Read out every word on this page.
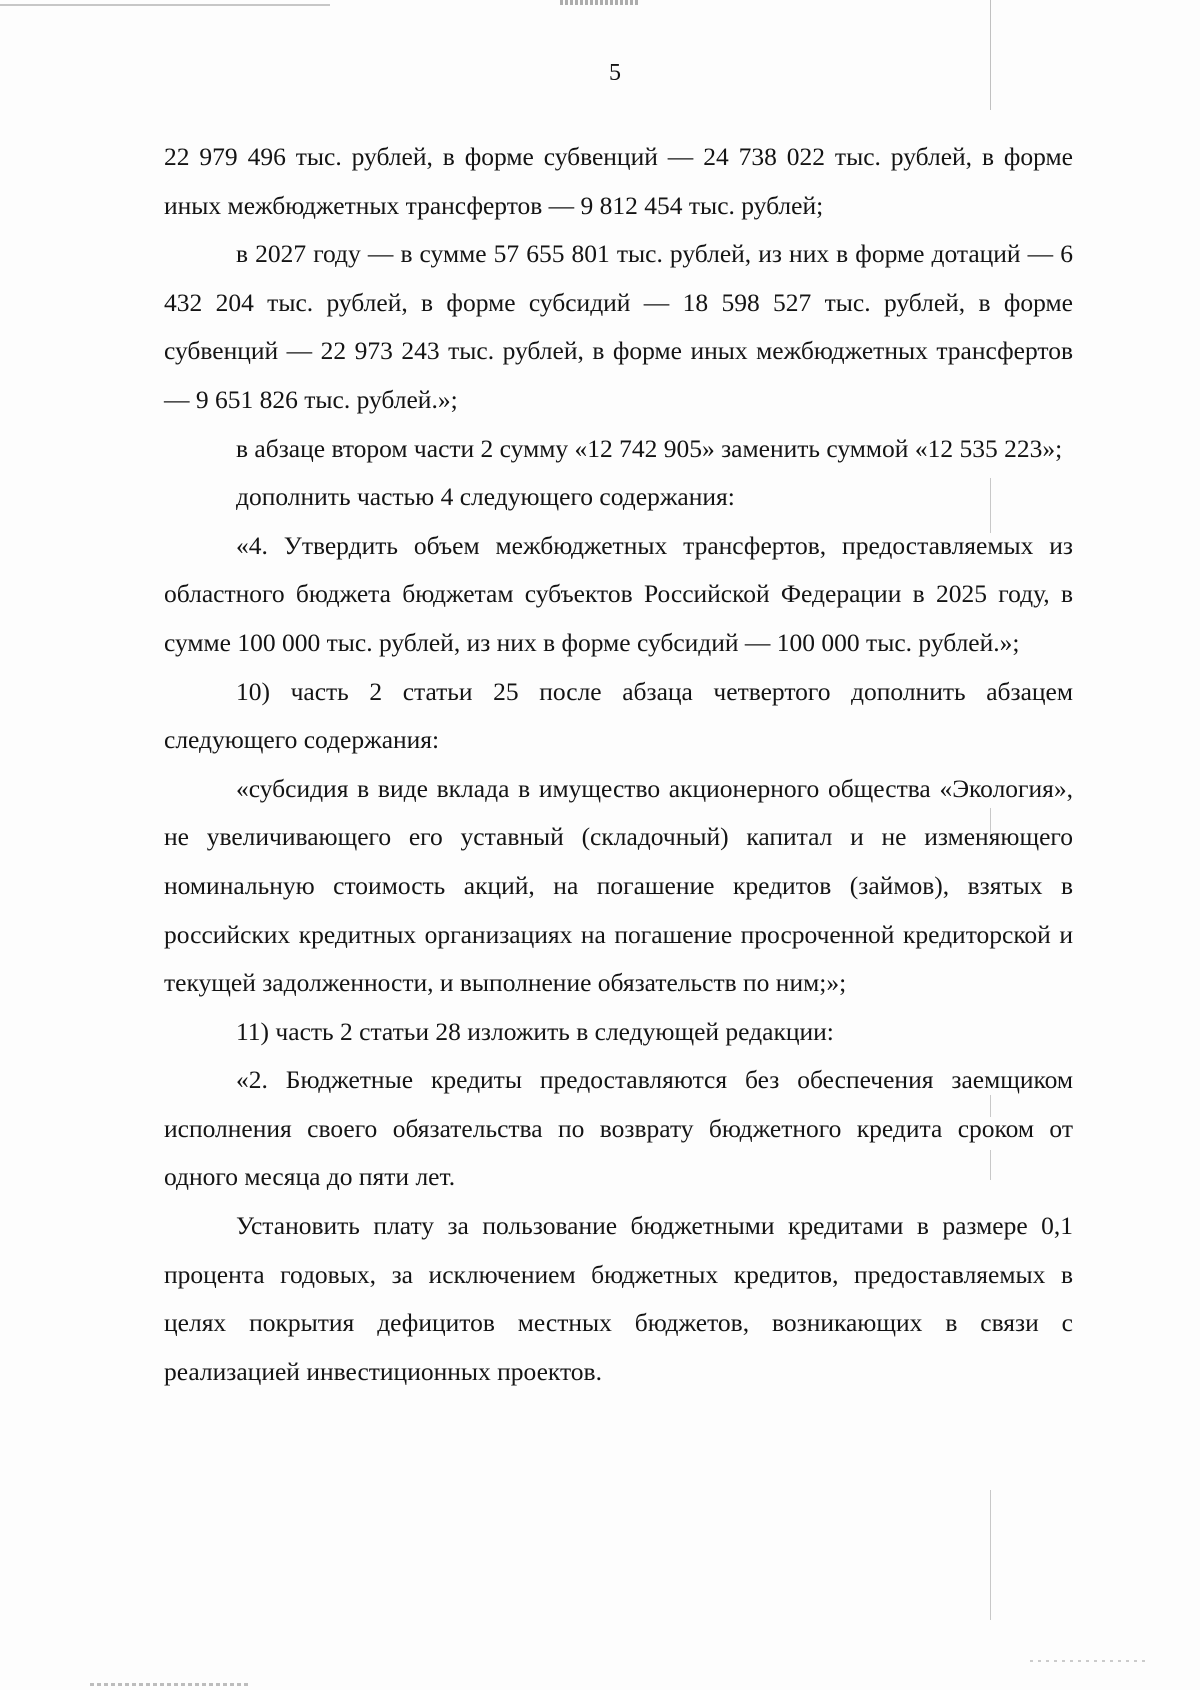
5

22 979 496 тыс. рублей, в форме субвенций — 24 738 022 тыс. рублей, в форме иных межбюджетных трансфертов — 9 812 454 тыс. рублей;

в 2027 году — в сумме 57 655 801 тыс. рублей, из них в форме дотаций — 6 432 204 тыс. рублей, в форме субсидий — 18 598 527 тыс. рублей, в форме субвенций — 22 973 243 тыс. рублей, в форме иных межбюджетных трансфертов — 9 651 826 тыс. рублей.»;

в абзаце втором части 2 сумму «12 742 905» заменить суммой «12 535 223»;

дополнить частью 4 следующего содержания:

«4. Утвердить объем межбюджетных трансфертов, предоставляемых из областного бюджета бюджетам субъектов Российской Федерации в 2025 году, в сумме 100 000 тыс. рублей, из них в форме субсидий — 100 000 тыс. рублей.»;

10) часть 2 статьи 25 после абзаца четвертого дополнить абзацем следующего содержания:

«субсидия в виде вклада в имущество акционерного общества «Экология», не увеличивающего его уставный (складочный) капитал и не изменяющего номинальную стоимость акций, на погашение кредитов (займов), взятых в российских кредитных организациях на погашение просроченной кредиторской и текущей задолженности, и выполнение обязательств по ним;»;

11) часть 2 статьи 28 изложить в следующей редакции:

«2. Бюджетные кредиты предоставляются без обеспечения заемщиком исполнения своего обязательства по возврату бюджетного кредита сроком от одного месяца до пяти лет.

Установить плату за пользование бюджетными кредитами в размере 0,1 процента годовых, за исключением бюджетных кредитов, предоставляемых в целях покрытия дефицитов местных бюджетов, возникающих в связи с реализацией инвестиционных проектов.
